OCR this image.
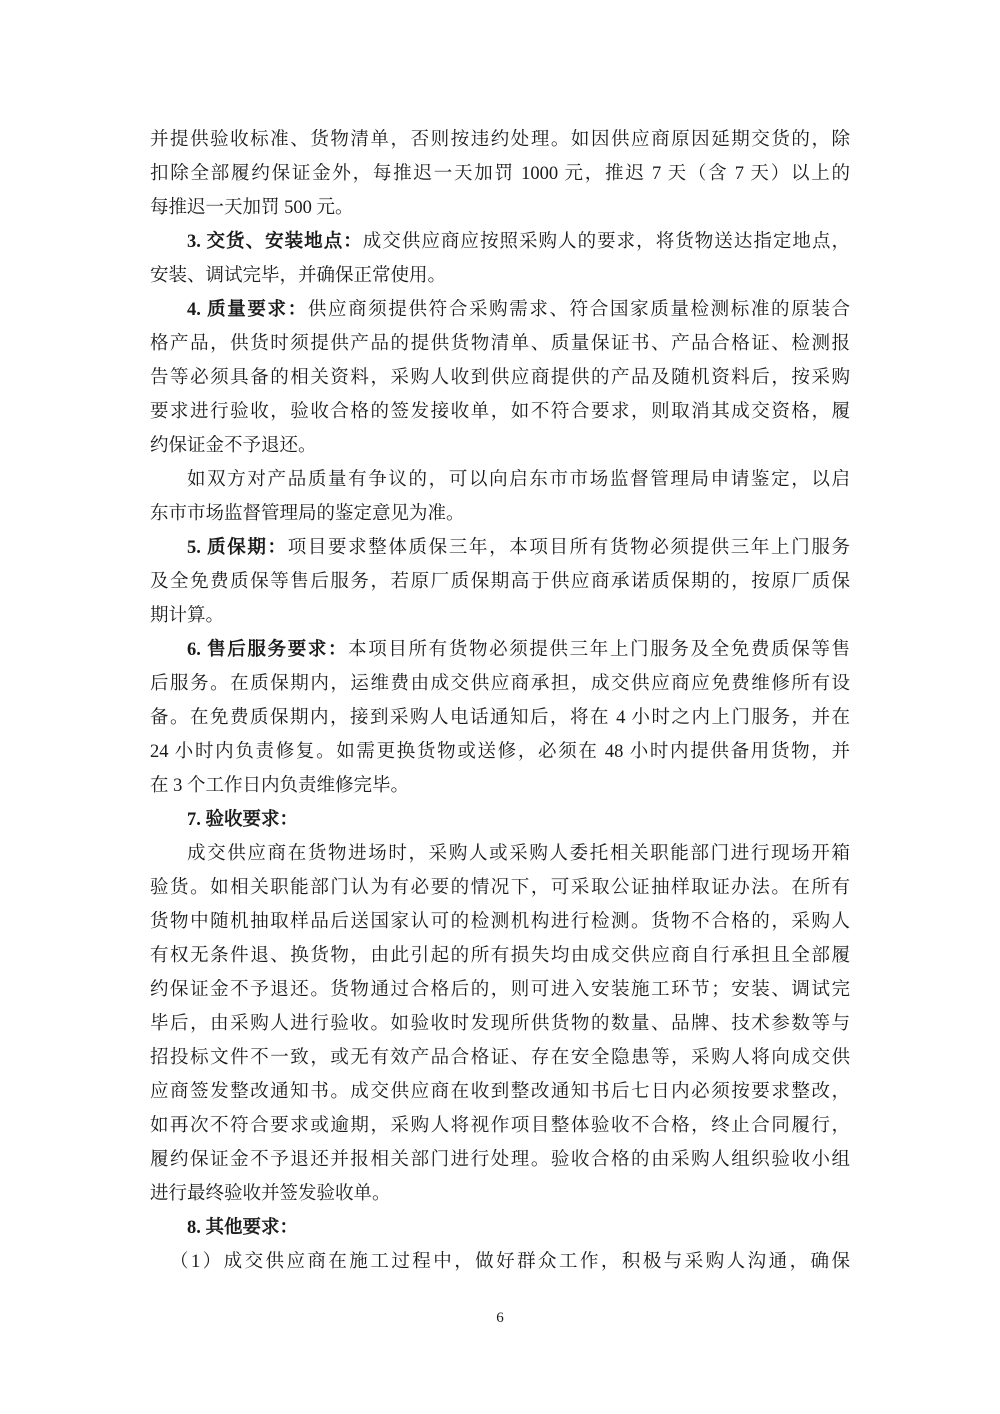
并提供验收标准、货物清单，否则按违约处理。如因供应商原因延期交货的，除
扣除全部履约保证金外，每推迟一天加罚 1000 元，推迟 7 天（含 7 天）以上的
每推迟一天加罚 500 元。
3. 交货、安装地点：成交供应商应按照采购人的要求，将货物送达指定地点，
安装、调试完毕，并确保正常使用。
4. 质量要求：供应商须提供符合采购需求、符合国家质量检测标准的原装合
格产品，供货时须提供产品的提供货物清单、质量保证书、产品合格证、检测报
告等必须具备的相关资料，采购人收到供应商提供的产品及随机资料后，按采购
要求进行验收，验收合格的签发接收单，如不符合要求，则取消其成交资格，履
约保证金不予退还。
如双方对产品质量有争议的，可以向启东市市场监督管理局申请鉴定，以启
东市市场监督管理局的鉴定意见为准。
5. 质保期：项目要求整体质保三年，本项目所有货物必须提供三年上门服务
及全免费质保等售后服务，若原厂质保期高于供应商承诺质保期的，按原厂质保
期计算。
6. 售后服务要求：本项目所有货物必须提供三年上门服务及全免费质保等售
后服务。在质保期内，运维费由成交供应商承担，成交供应商应免费维修所有设
备。在免费质保期内，接到采购人电话通知后，将在 4 小时之内上门服务，并在
24 小时内负责修复。如需更换货物或送修，必须在 48 小时内提供备用货物，并
在 3 个工作日内负责维修完毕。
7. 验收要求：
成交供应商在货物进场时，采购人或采购人委托相关职能部门进行现场开箱
验货。如相关职能部门认为有必要的情况下，可采取公证抽样取证办法。在所有
货物中随机抽取样品后送国家认可的检测机构进行检测。货物不合格的，采购人
有权无条件退、换货物，由此引起的所有损失均由成交供应商自行承担且全部履
约保证金不予退还。货物通过合格后的，则可进入安装施工环节；安装、调试完
毕后，由采购人进行验收。如验收时发现所供货物的数量、品牌、技术参数等与
招投标文件不一致，或无有效产品合格证、存在安全隐患等，采购人将向成交供
应商签发整改通知书。成交供应商在收到整改通知书后七日内必须按要求整改，
如再次不符合要求或逾期，采购人将视作项目整体验收不合格，终止合同履行，
履约保证金不予退还并报相关部门进行处理。验收合格的由采购人组织验收小组
进行最终验收并签发验收单。
8. 其他要求：
（1）成交供应商在施工过程中，做好群众工作，积极与采购人沟通，确保
6
